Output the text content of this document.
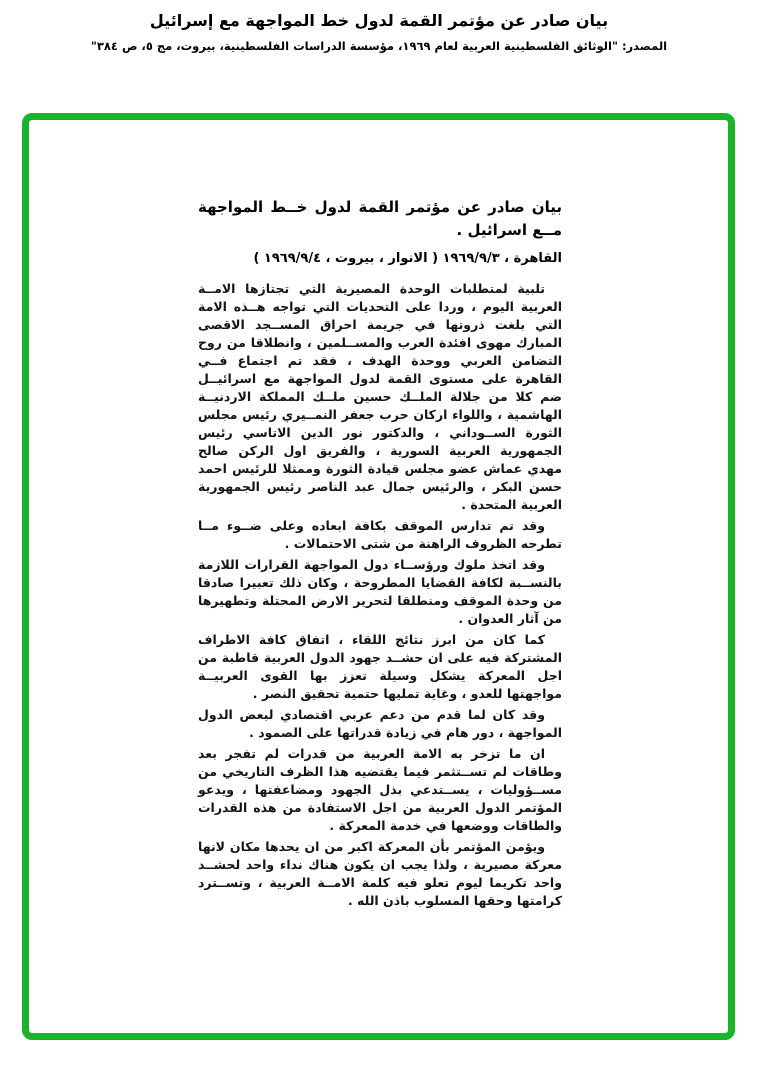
بيان صادر عن مؤتمر القمة لدول خط المواجهة مع إسرائيل
المصدر: "الوثائق الفلسطينية العربية لعام ١٩٦٩، مؤسسة الدراسات الفلسطينية، بيروت، مج ٥، ص ٣٨٤"
بيان صادر عن مؤتمر القمة لدول خــط المواجهة مــع اسرائيل .
القاهرة ، ١٩٦٩/٩/٣ ( الانوار ، بيروت ، ١٩٦٩/٩/٤ )

تلبية لمتطلبات الوحدة المصيرية التي تجتازها الامــة العربية اليوم ، وردا على التحديات التي تواجه هــذه الامة التي بلغت ذروتها في جريمة احراق المســجد الاقصى المبارك مهوى افئدة العرب والمســلمين ، وانطلاقا من روح التضامن العربي ووحدة الهدف ، فقد تم اجتماع فــي القاهرة على مستوى القمة لدول المواجهة مع اسرائيــل ضم كلا من جلالة الملــك حسين ملــك المملكة الاردنيــة الهاشمية ، واللواء اركان حرب جعفر النمــيري رئيس مجلس الثورة الســوداني ، والدكتور نور الدين الاتاسي رئيس الجمهورية العربية السورية ، والفريق اول الركن صالح مهدي عماش عضو مجلس قيادة الثورة وممثلا للرئيس احمد حسن البكر ، والرئيس جمال عبد الناصر رئيس الجمهورية العربية المتحدة .

وقد تم تدارس الموقف بكافة ابعاده وعلى ضــوء مــا تطرحه الظروف الراهنة من شتى الاحتمالات .

وقد اتخذ ملوك ورؤســاء دول المواجهة القرارات اللازمة بالنســبة لكافة القضايا المطروحة ، وكان ذلك تعبيرا صادقا من وحدة الموقف ومنطلقا لتحرير الارض المحتلة وتطهيرها من آثار العدوان .

كما كان من ابرز نتائج اللقاء ، اتفاق كافة الاطراف المشتركة فيه على ان حشــد جهود الدول العربية قاطبة من اجل المعركة يشكل وسيلة تعزز بها القوى العربيــة مواجهتها للعدو ، وغاية تمليها حتمية تحقيق النصر .

وقد كان لما قدم من دعم عربي اقتصادي لبعض الدول المواجهة ، دور هام في زيادة قدراتها على الصمود .

ان ما تزخر به الامة العربية من قدرات لم تفجر بعد وطاقات لم تســتثمر فيما يقتضيه هذا الظرف التاريخي من مســؤوليات ، يســتدعي بذل الجهود ومضاعفتها ، ويدعو المؤتمر الدول العربية من اجل الاستفادة من هذه القدرات والطاقات ووضعها في خدمة المعركة .

ويؤمن المؤتمر بأن المعركة اكبر من ان يحدها مكان لانها معركة مصيرية ، ولذا يجب ان يكون هناك نداء واحد لحشــد واحد تكريما ليوم تعلو فيه كلمة الامــة العربية ، وتســترد كرامتها وحقها المسلوب باذن الله .
